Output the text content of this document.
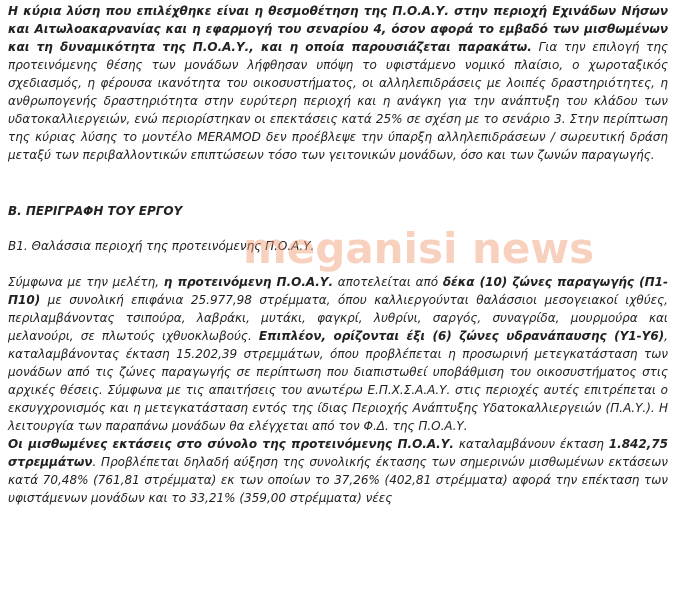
Η κύρια λύση που επιλέχθηκε είναι η θεσμοθέτηση της Π.Ο.Α.Υ. στην περιοχή Εχινάδων Νήσων και Αιτωλοακαρνανίας και η εφαρμογή του σεναρίου 4, όσον αφορά το εμβαδό των μισθωμένων και τη δυναμικότητα της Π.Ο.Α.Υ., και η οποία παρουσιάζεται παρακάτω. Για την επιλογή της προτεινόμενης θέσης των μονάδων λήφθησαν υπόψη το υφιστάμενο νομικό πλαίσιο, ο χωροταξικός σχεδιασμός, η φέρουσα ικανότητα του οικοσυστήματος, οι αλληλεπιδράσεις με λοιπές δραστηριότητες, η ανθρωπογενής δραστηριότητα στην ευρύτερη περιοχή και η ανάγκη για την ανάπτυξη του κλάδου των υδατοκαλλιεργειών, ενώ περιορίστηκαν οι επεκτάσεις κατά 25% σε σχέση με το σενάριο 3. Στην περίπτωση της κύριας λύσης το μοντέλο MERAMOD δεν προέβλεψε την ύπαρξη αλληλεπιδράσεων / σωρευτική δράση μεταξύ των περιβαλλοντικών επιπτώσεων τόσο των γειτονικών μονάδων, όσο και των ζωνών παραγωγής.

Β. ΠΕΡΙΓΡΑΦΗ ΤΟΥ ΕΡΓΟΥ

Β1. Θαλάσσια περιοχή της προτεινόμενης Π.Ο.Α.Υ.

Σύμφωνα με την μελέτη, η προτεινόμενη Π.Ο.Α.Υ. αποτελείται από δέκα (10) ζώνες παραγωγής (Π1-Π10) με συνολική επιφάνια 25.977,98 στρέμματα, όπου καλλιεργούνται θαλάσσιοι μεσογειακοί ιχθύες, περιλαμβάνοντας τσιπούρα, λαβράκι, μυτάκι, φαγκρί, λυθρίνι, σαργός, συναγρίδα, μουρμούρα και μελανούρι, σε πλωτούς ιχθυοκλωβούς. Επιπλέον, ορίζονται έξι (6) ζώνες υδρανάπαυσης (Υ1-Υ6), καταλαμβάνοντας έκταση 15.202,39 στρεμμάτων, όπου προβλέπεται η προσωρινή μετεγκατάσταση των μονάδων από τις ζώνες παραγωγής σε περίπτωση που διαπιστωθεί υποβάθμιση του οικοσυστήματος στις αρχικές θέσεις. Σύμφωνα με τις απαιτήσεις του ανωτέρω Ε.Π.Χ.Σ.Α.Α.Υ. στις περιοχές αυτές επιτρέπεται ο εκσυγχρονισμός και η μετεγκατάσταση εντός της ίδιας Περιοχής Ανάπτυξης Υδατοκαλλιεργειών (Π.Α.Υ.). Η λειτουργία των παραπάνω μονάδων θα ελέγχεται από τον Φ.Δ. της Π.Ο.Α.Υ.

Οι μισθωμένες εκτάσεις στο σύνολο της προτεινόμενης Π.Ο.Α.Υ. καταλαμβάνουν έκταση 1.842,75 στρεμμάτων. Προβλέπεται δηλαδή αύξηση της συνολικής έκτασης των σημερινών μισθωμένων εκτάσεων κατά 70,48% (761,81 στρέμματα) εκ των οποίων το 37,26% (402,81 στρέμματα) αφορά την επέκταση των υφιστάμενων μονάδων και το 33,21% (359,00 στρέμματα) νέες

meganisi news
